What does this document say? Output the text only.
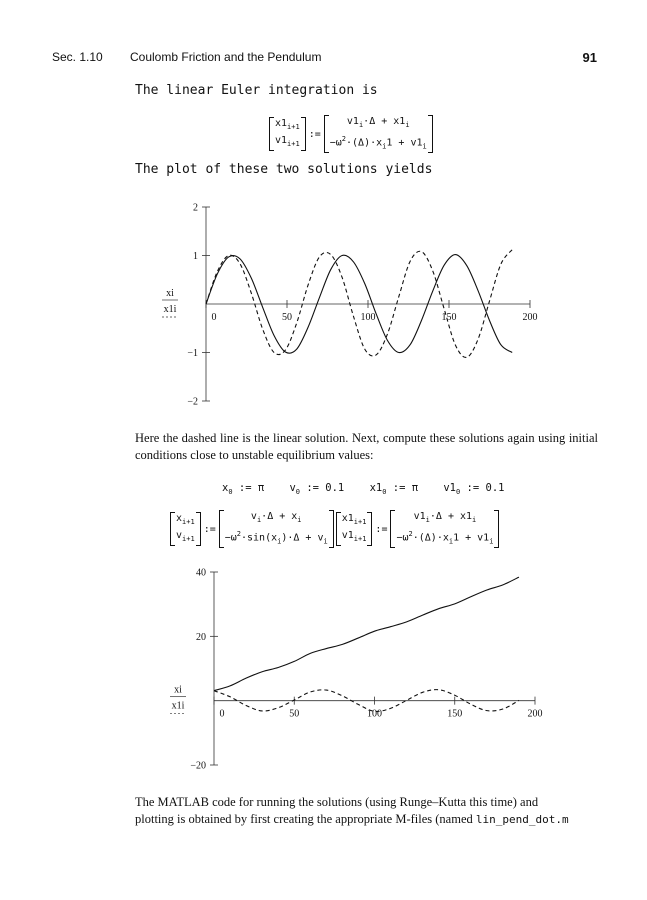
Sec. 1.10 Coulomb Friction and the Pendulum	91
The linear Euler integration is
$x1_{i+1}$
$v1_{i+1}$
:=
$v1_i\cdot\Delta + x1_i$
$-\omega^2\cdot(\Delta)\cdot x_i1 + v1_i$
The plot of these two solutions yields
0	50	100	150	200
2
1
−1
−2
xi
x1i
Here the dashed line is the linear solution. Next, compute these solutions again using initial conditions close to unstable equilibrium values:
$x_0$ := π $v_0$ := 0.1 $x1_0$ := π $v1_0$ := 0.1
$x_{i+1}$
$v_{i+1}$
:=
$v_i\cdot\Delta + x_i$
$-\omega^2\cdot\sin(x_i)\cdot\Delta + v_i$
$x1_{i+1}$
$v1_{i+1}$
:=
$v1_i\cdot\Delta + x1_i$
$-\omega^2\cdot(\Delta)\cdot x_i1 + v1_i$
0	50	100	150	200
40
20
−20
xi
x1i
The MATLAB code for running the solutions (using Runge–Kutta this time) and
plotting is obtained by first creating the appropriate M-files (named lin_pend_dot.m
